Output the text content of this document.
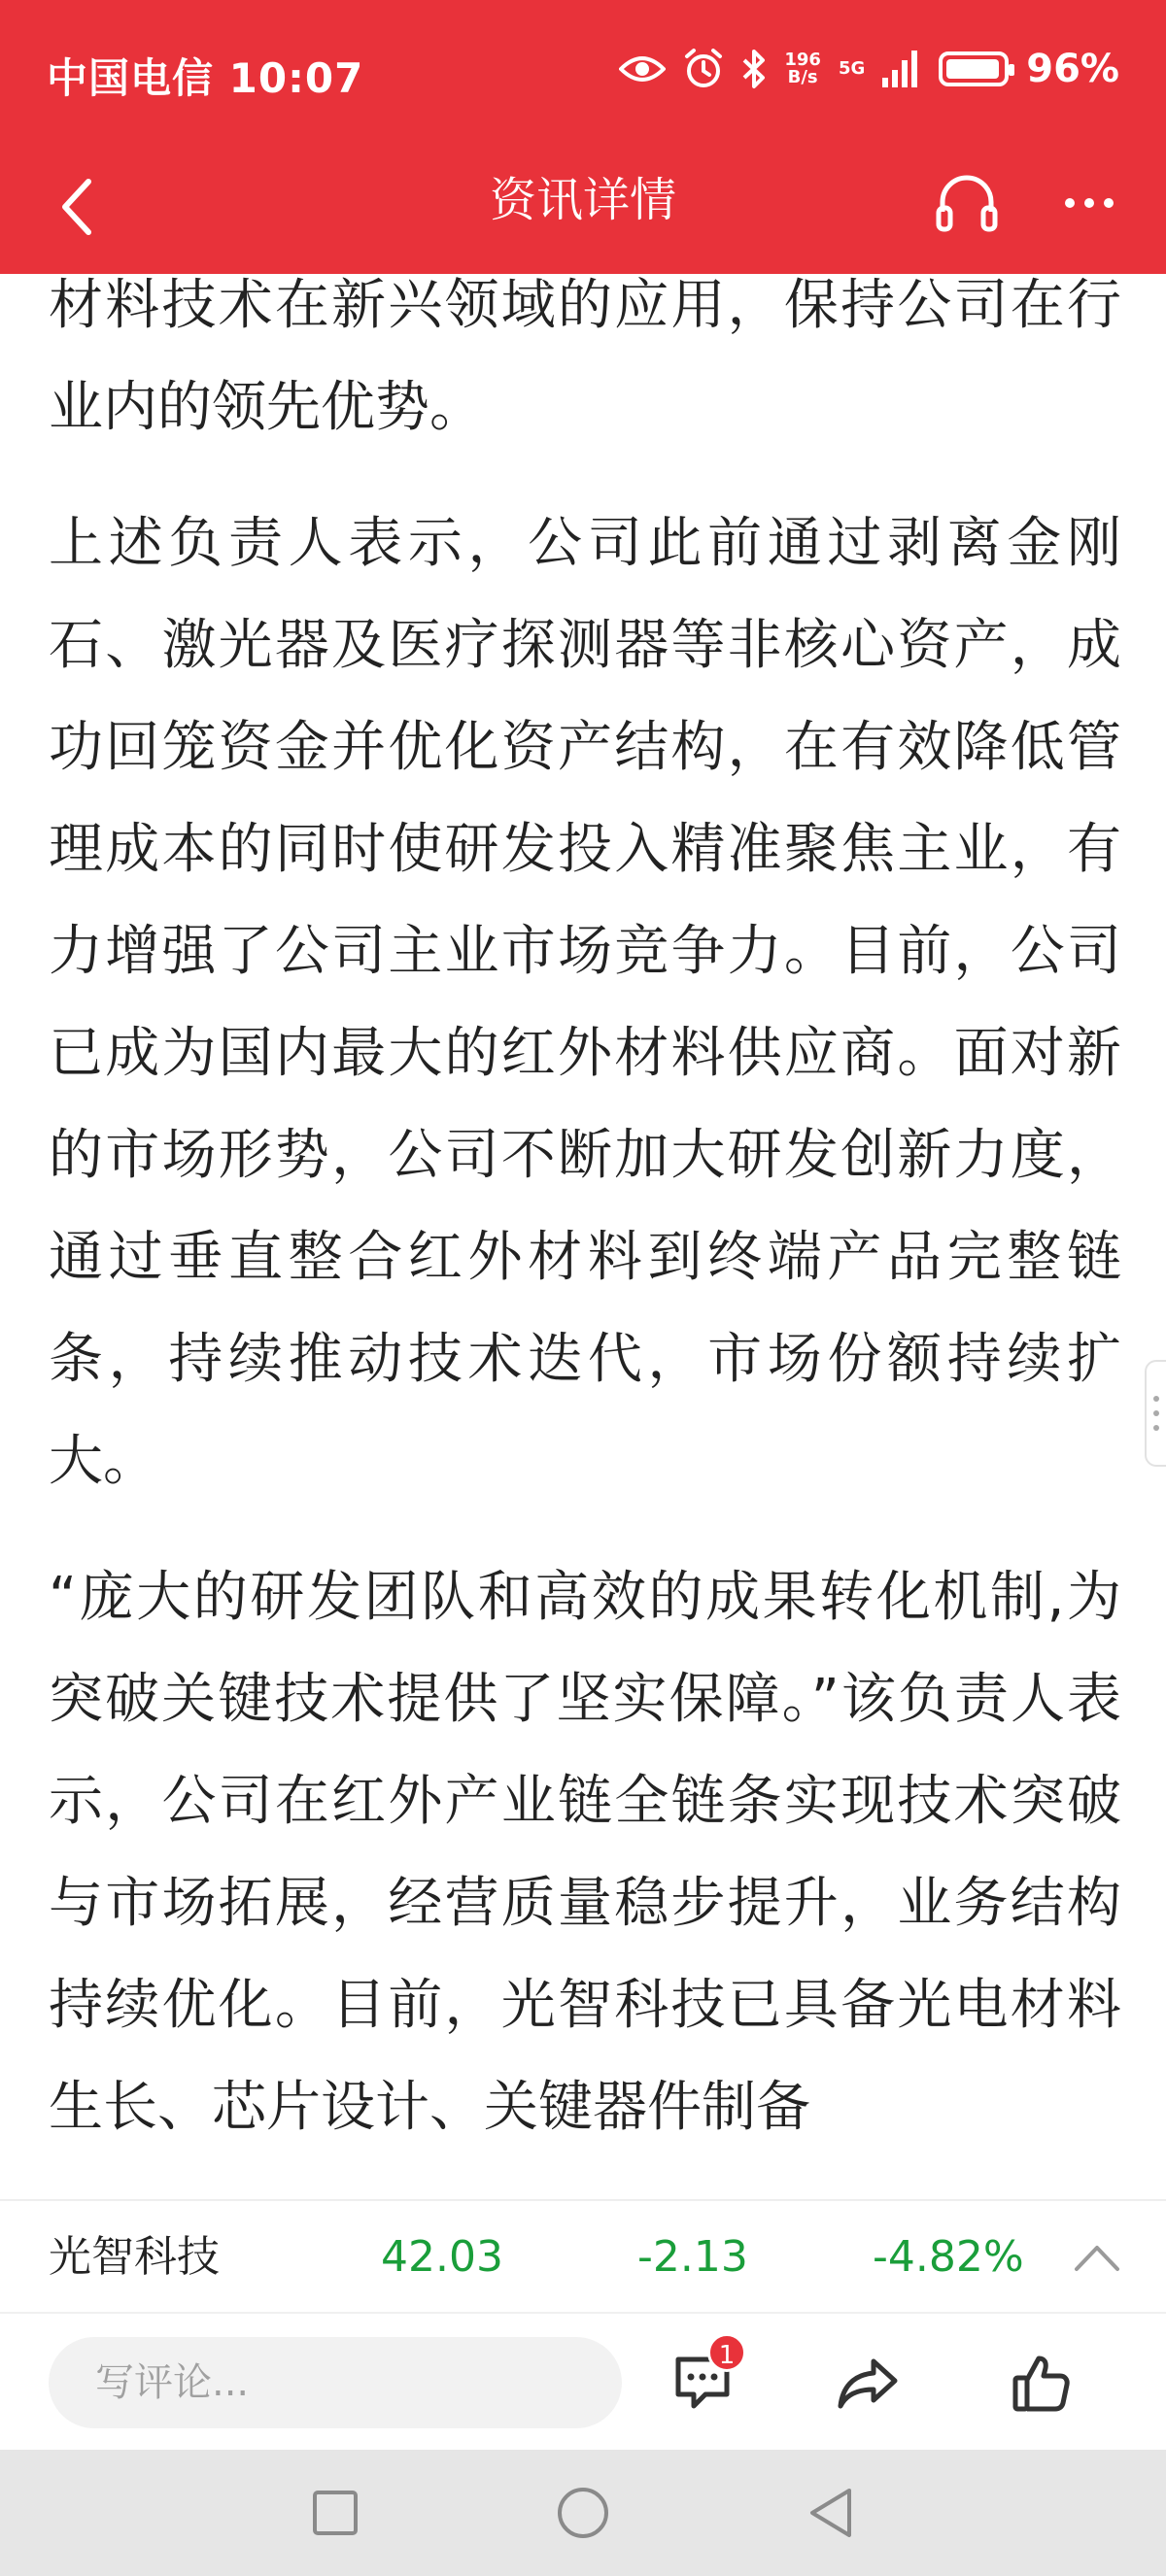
中国电信 10:07	196
B/s 5G	96%
资讯详情

材料技术在新兴领域的应用，保持公司在行业内的领先优势。

上述负责人表示，公司此前通过剥离金刚石、激光器及医疗探测器等非核心资产，成功回笼资金并优化资产结构，在有效降低管理成本的同时使研发投入精准聚焦主业，有力增强了公司主业市场竞争力。目前，公司已成为国内最大的红外材料供应商。面对新的市场形势，公司不断加大研发创新力度，通过垂直整合红外材料到终端产品完整链条，持续推动技术迭代，市场份额持续扩大。

“庞大的研发团队和高效的成果转化机制,为突破关键技术提供了坚实保障。”该负责人表示，公司在红外产业链全链条实现技术突破与市场拓展，经营质量稳步提升，业务结构持续优化。目前，光智科技已具备光电材料生长、芯片设计、关键器件制备

光智科技	42.03	-2.13	-4.82%
写评论...
1
